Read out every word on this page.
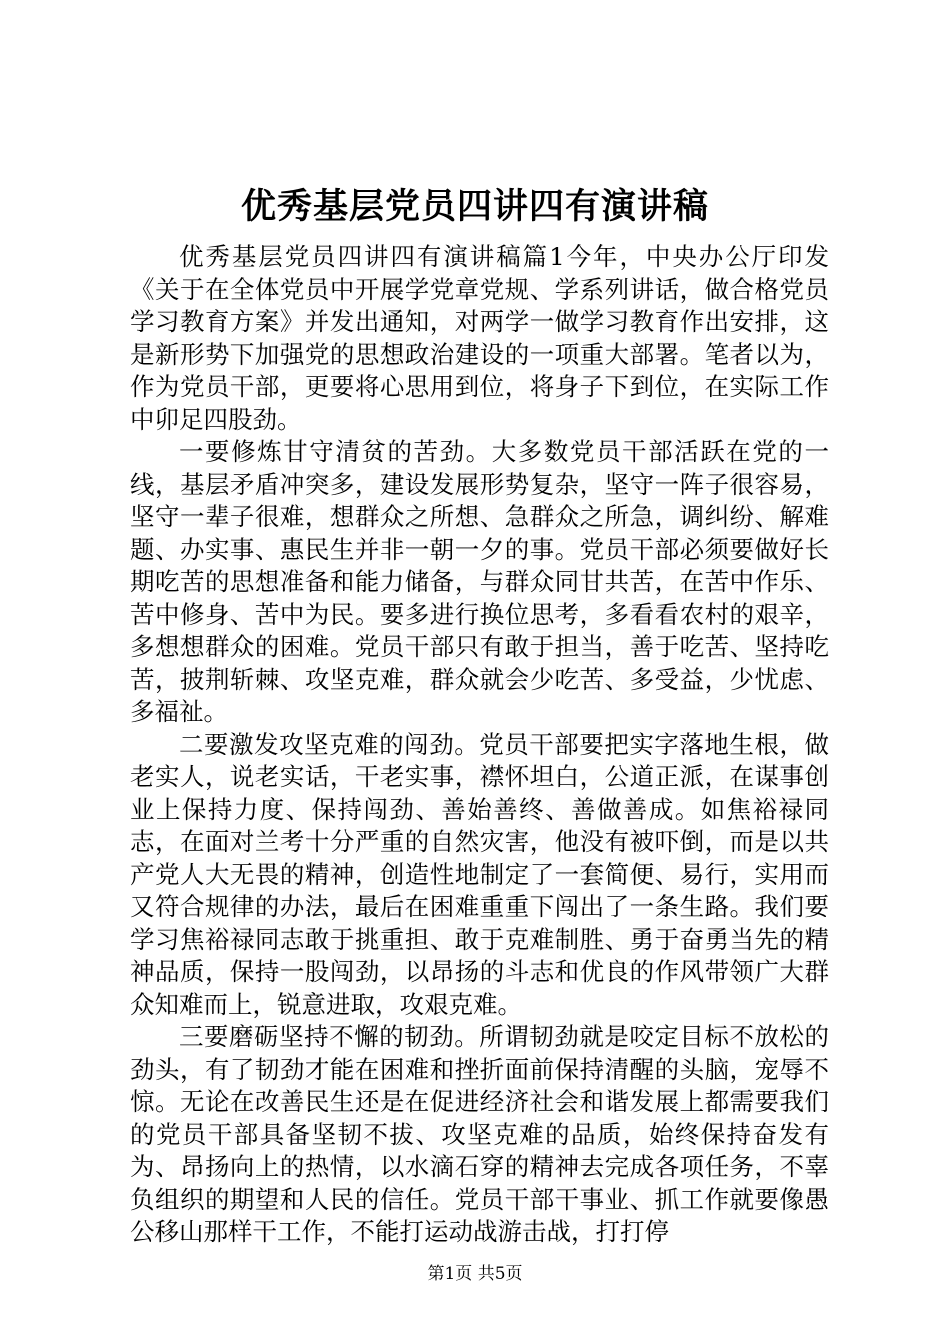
优秀基层党员四讲四有演讲稿

优秀基层党员四讲四有演讲稿篇1今年，中央办公厅印发《关于在全体党员中开展学党章党规、学系列讲话，做合格党员学习教育方案》并发出通知，对两学一做学习教育作出安排，这是新形势下加强党的思想政治建设的一项重大部署。笔者以为，作为党员干部，更要将心思用到位，将身子下到位，在实际工作中卯足四股劲。

一要修炼甘守清贫的苦劲。大多数党员干部活跃在党的一线，基层矛盾冲突多，建设发展形势复杂，坚守一阵子很容易，坚守一辈子很难，想群众之所想、急群众之所急，调纠纷、解难题、办实事、惠民生并非一朝一夕的事。党员干部必须要做好长期吃苦的思想准备和能力储备，与群众同甘共苦，在苦中作乐、苦中修身、苦中为民。要多进行换位思考，多看看农村的艰辛，多想想群众的困难。党员干部只有敢于担当，善于吃苦、坚持吃苦，披荆斩棘、攻坚克难，群众就会少吃苦、多受益，少忧虑、多福祉。

二要激发攻坚克难的闯劲。党员干部要把实字落地生根，做老实人，说老实话，干老实事，襟怀坦白，公道正派，在谋事创业上保持力度、保持闯劲、善始善终、善做善成。如焦裕禄同志，在面对兰考十分严重的自然灾害，他没有被吓倒，而是以共产党人大无畏的精神，创造性地制定了一套简便、易行，实用而又符合规律的办法，最后在困难重重下闯出了一条生路。我们要学习焦裕禄同志敢于挑重担、敢于克难制胜、勇于奋勇当先的精神品质，保持一股闯劲，以昂扬的斗志和优良的作风带领广大群众知难而上，锐意进取，攻艰克难。

三要磨砺坚持不懈的韧劲。所谓韧劲就是咬定目标不放松的劲头，有了韧劲才能在困难和挫折面前保持清醒的头脑，宠辱不惊。无论在改善民生还是在促进经济社会和谐发展上都需要我们的党员干部具备坚韧不拔、攻坚克难的品质，始终保持奋发有为、昂扬向上的热情，以水滴石穿的精神去完成各项任务，不辜负组织的期望和人民的信任。党员干部干事业、抓工作就要像愚公移山那样干工作，不能打运动战游击战，打打停

第1页 共5页
